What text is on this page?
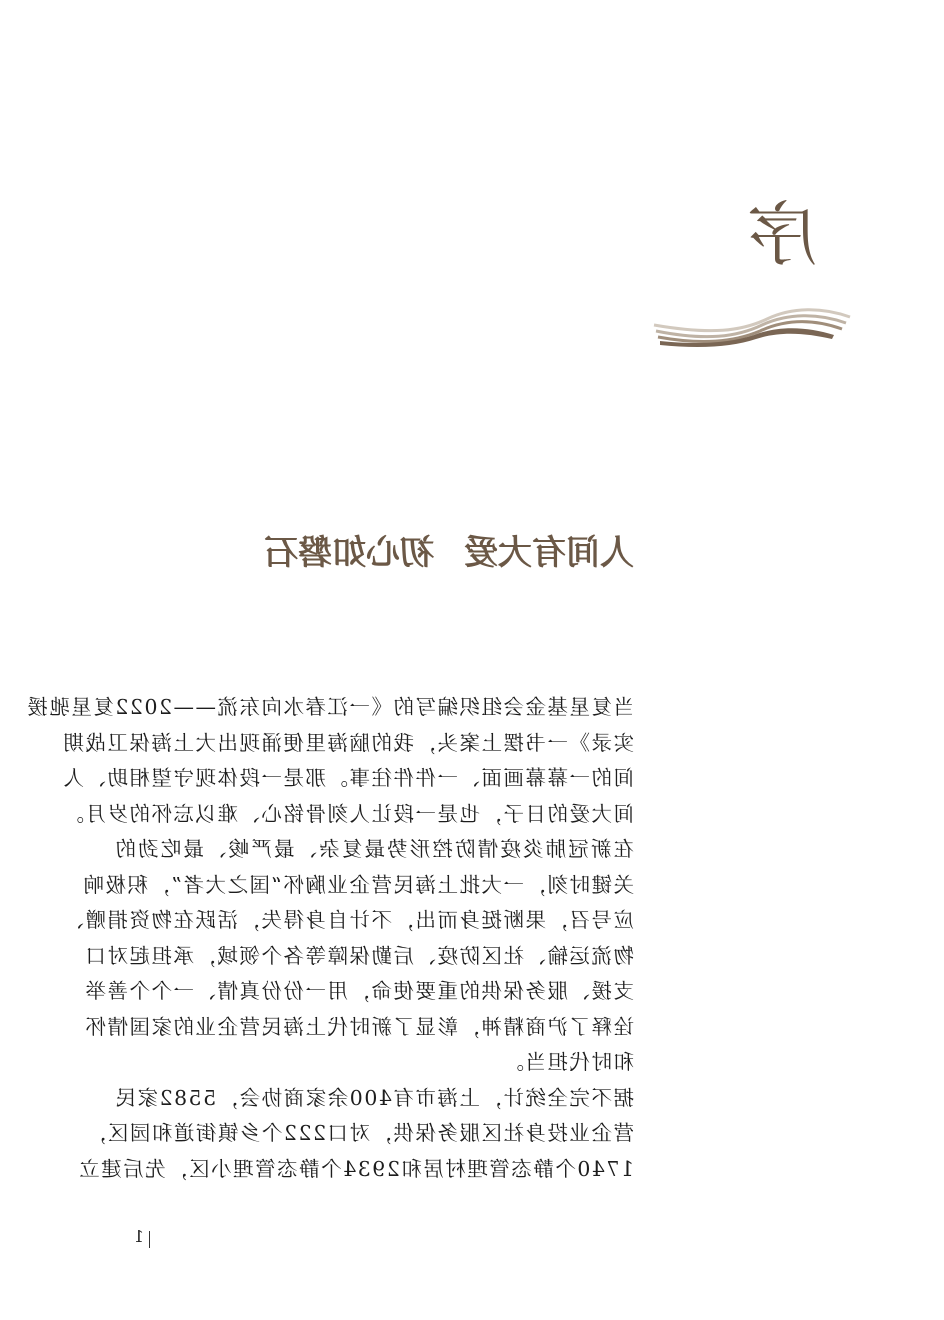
序
人间有大爱初心如磐石
当复星基金会组织编写的《一江春水向东流——2022复星驰援
实录》一书摆上案头，我的脑海里便涌现出大上海保卫战期
间的一幕幕画面、一件件往事。那是一段体现守望相助、人
间大爱的日子，也是一段让人刻骨铭心、难以忘怀的岁月。
在新冠肺炎疫情防控形势最复杂、最严峻、最吃劲的
关键时刻，一大批上海民营企业胸怀“国之大者”，积极响
应号召，果断挺身而出，不计自身得失，活跃在物资捐赠、
物流运输、社区防疫、后勤保障等各个领域，承担起对口
支援、服务保供的重要使命，用一份份真情、一个个善举
诠释了沪商精神，彰显了新时代上海民营企业的家国情怀
和时代担当。
据不完全统计，上海市有400余家商协会，5582家民
营企业投身社区服务保供，对口222个乡镇街道和园区，
1740个静态管理村居和2934个静态管理小区，先后建立
1
